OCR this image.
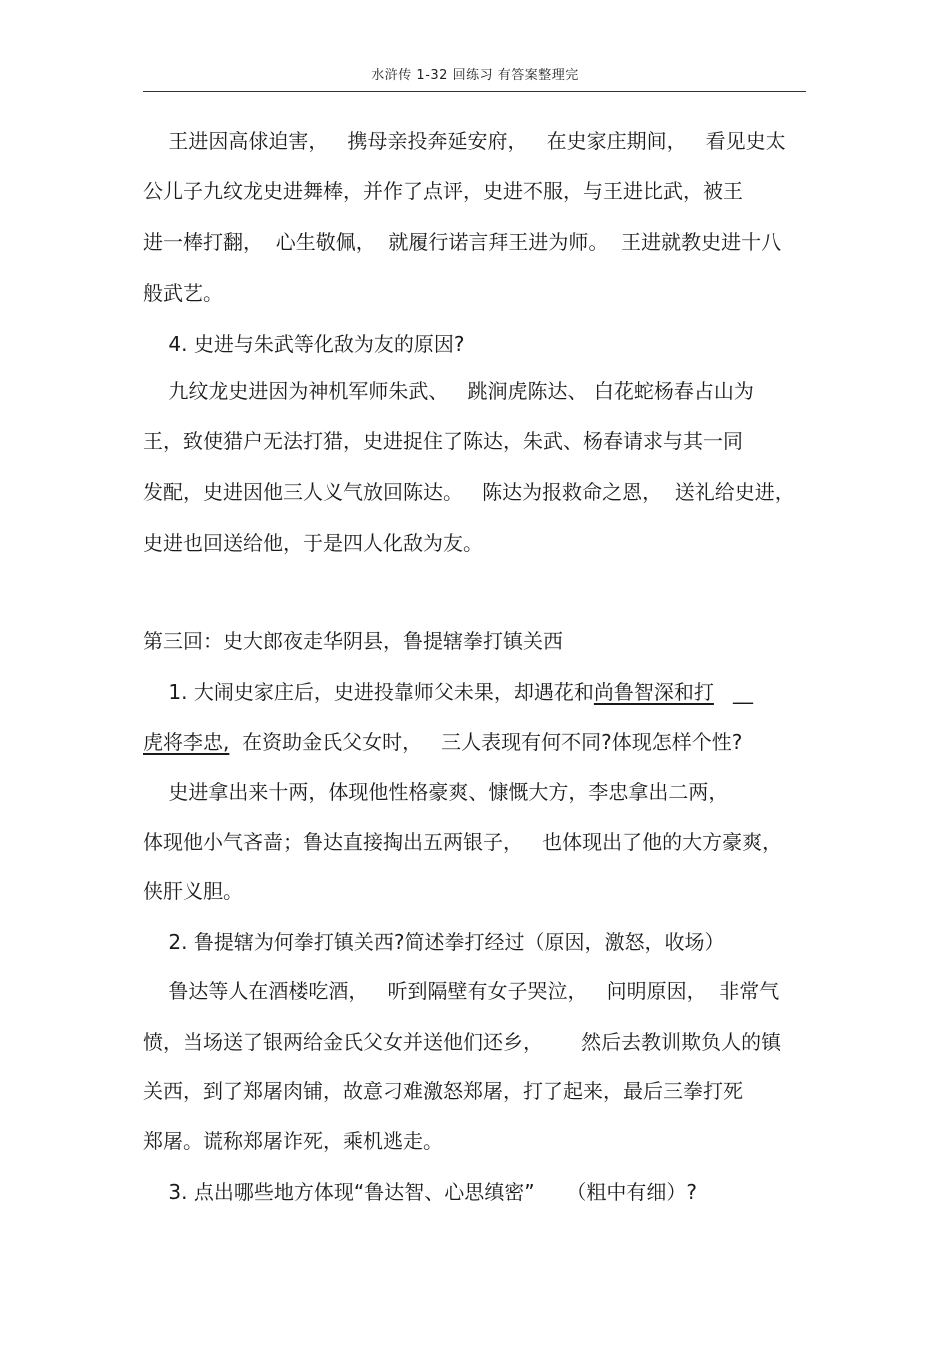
水浒传 1-32 回练习 有答案整理完
王进因高俅迫害，   携母亲投奔延安府，   在史家庄期间，   看见史太
公儿子九纹龙史进舞棒，并作了点评，史进不服，与王进比武，被王
进一棒打翻，  心生敬佩，  就履行诺言拜王进为师。  王进就教史进十八
般武艺。
4. 史进与朱武等化敌为友的原因?
九纹龙史进因为神机军师朱武、   跳涧虎陈达、 白花蛇杨春占山为
王，致使猎户无法打猎，史进捉住了陈达，朱武、杨春请求与其一同
发配，史进因他三人义气放回陈达。   陈达为报救命之恩，  送礼给史进，
史进也回送给他，于是四人化敌为友。
第三回：史大郎夜走华阴县，鲁提辖拳打镇关西
1. 大闹史家庄后，史进投靠师父未果，却遇花和尚鲁智深和打   __
虎将李忠,  在资助金氏父女时，   三人表现有何不同?体现怎样个性?
史进拿出来十两，体现他性格豪爽、慷慨大方，李忠拿出二两，
体现他小气吝啬；鲁达直接掏出五两银子，   也体现出了他的大方豪爽，
侠肝义胆。
2. 鲁提辖为何拳打镇关西?简述拳打经过（原因，激怒，收场）
鲁达等人在酒楼吃酒，   听到隔壁有女子哭泣，   问明原因，  非常气
愤，当场送了银两给金氏父女并送他们还乡，      然后去教训欺负人的镇
关西，到了郑屠肉铺，故意刁难激怒郑屠，打了起来，最后三拳打死
郑屠。谎称郑屠诈死，乘机逃走。
3. 点出哪些地方体现“鲁达智、心思缜密”     （粗中有细）?
